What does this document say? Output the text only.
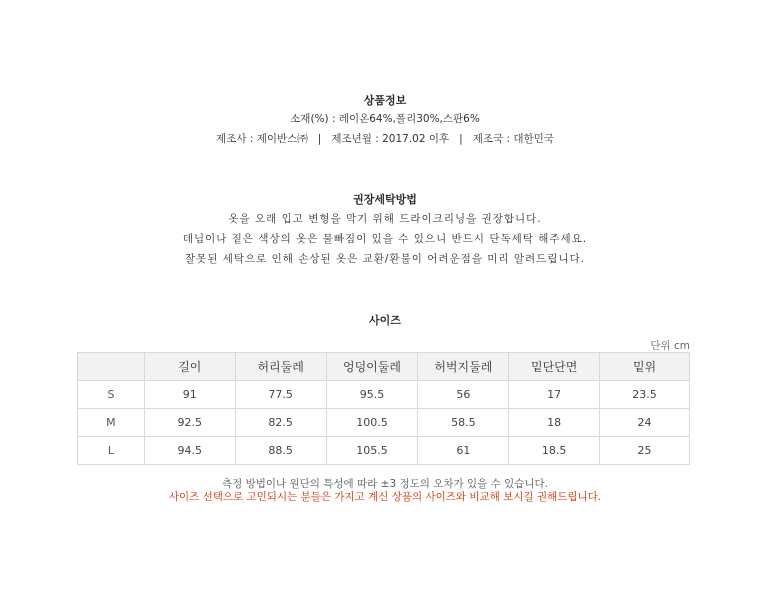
상품정보
소재(%) : 레이온64%,폴리30%,스판6%
제조사 : 제이반스㈜   |   제조년월 : 2017.02 이후   |   제조국 : 대한민국
권장세탁방법
옷을 오래 입고 변형을 막기 위해 드라이크리닝을 권장합니다.
데님이나 짙은 색상의 옷은 물빠짐이 있을 수 있으니 반드시 단독세탁 해주세요.
잘못된 세탁으로 인해 손상된 옷은 교환/환불이 어려운점을 미리 알려드립니다.
사이즈
단위 cm
	길이	허리둘레	엉덩이둘레	허벅지둘레	밑단단면	밑위
S	91	77.5	95.5	56	17	23.5
M	92.5	82.5	100.5	58.5	18	24
L	94.5	88.5	105.5	61	18.5	25
측정 방법이나 원단의 특성에 따라 ±3 정도의 오차가 있을 수 있습니다.
사이즈 선택으로 고민되시는 분들은 가지고 계신 상품의 사이즈와 비교해 보시길 권해드립니다.
